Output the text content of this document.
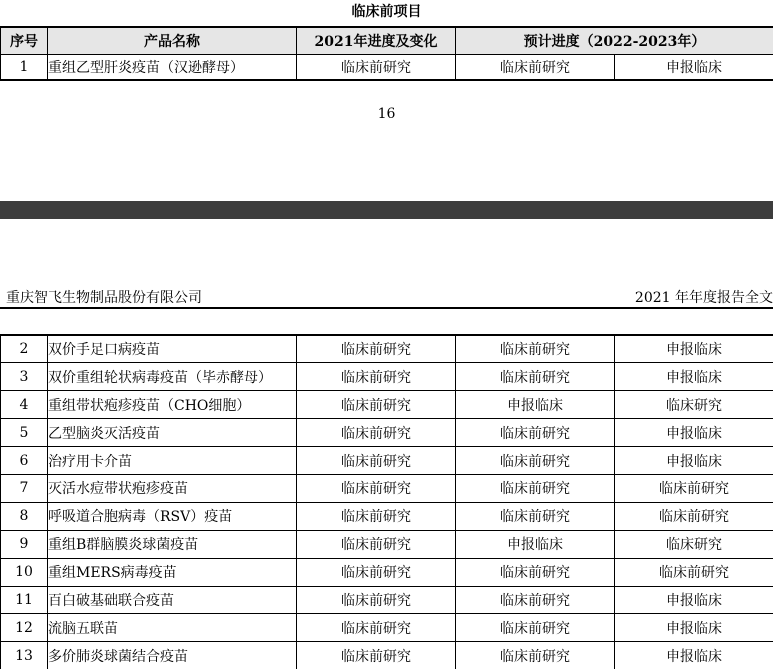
临床前项目
序号	产品名称	2021年进度及变化	预计进度（2022-2023年）	
1	重组乙型肝炎疫苗（汉逊酵母）	临床前研究	临床前研究	申报临床
16
重庆智飞生物制品股份有限公司	2021 年年度报告全文
2	双价手足口病疫苗	临床前研究	临床前研究	申报临床
3	双价重组轮状病毒疫苗（毕赤酵母）	临床前研究	临床前研究	申报临床
4	重组带状疱疹疫苗（CHO细胞）	临床前研究	申报临床	临床研究
5	乙型脑炎灭活疫苗	临床前研究	临床前研究	申报临床
6	治疗用卡介苗	临床前研究	临床前研究	申报临床
7	灭活水痘带状疱疹疫苗	临床前研究	临床前研究	临床前研究
8	呼吸道合胞病毒（RSV）疫苗	临床前研究	临床前研究	临床前研究
9	重组B群脑膜炎球菌疫苗	临床前研究	申报临床	临床研究
10	重组MERS病毒疫苗	临床前研究	临床前研究	临床前研究
11	百白破基础联合疫苗	临床前研究	临床前研究	申报临床
12	流脑五联苗	临床前研究	临床前研究	申报临床
13	多价肺炎球菌结合疫苗	临床前研究	临床前研究	申报临床
